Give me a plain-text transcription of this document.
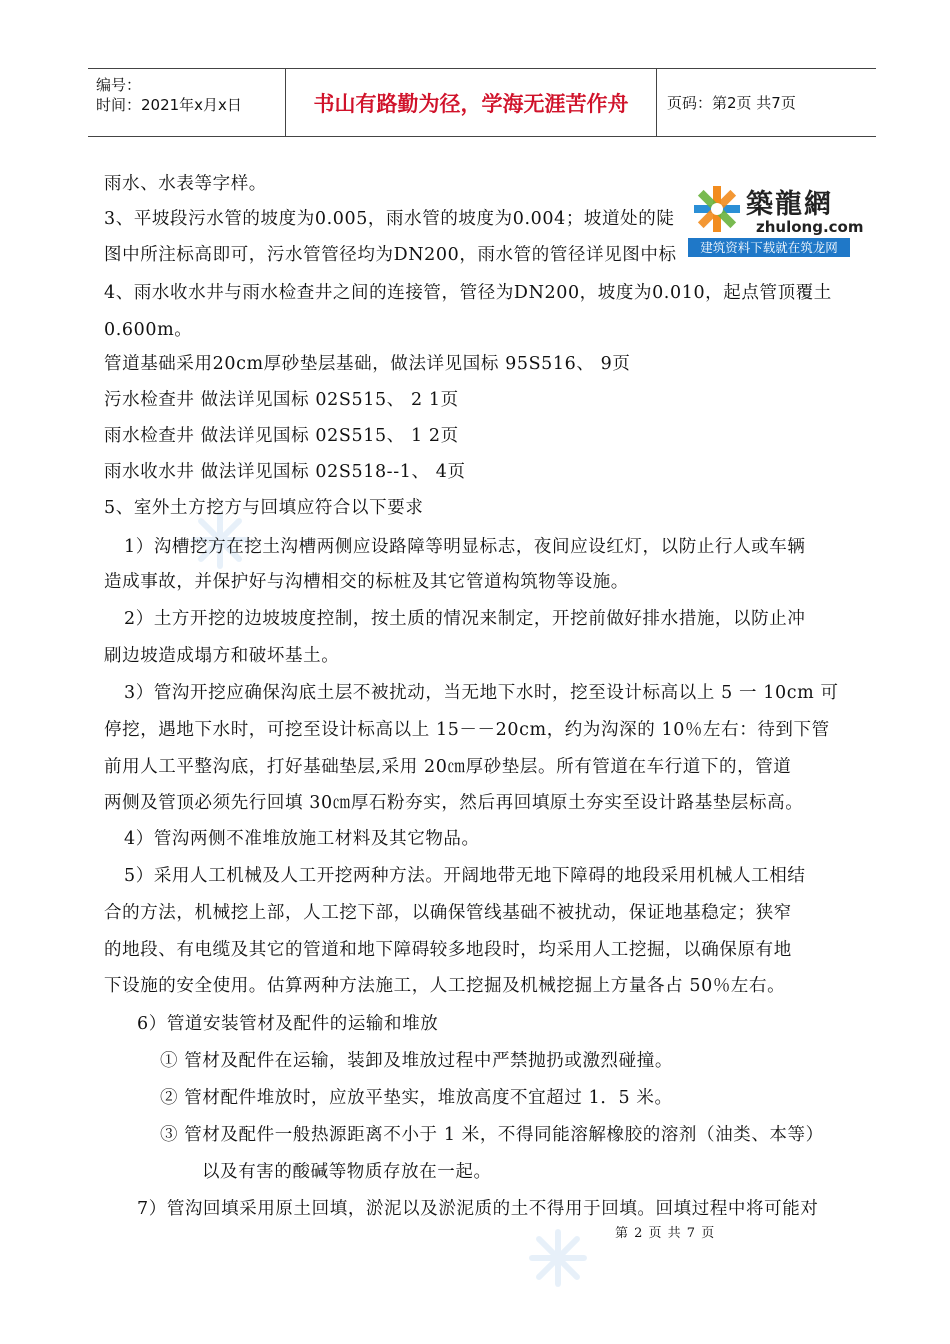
编号：
时间：2021年x月x日	书山有路勤为径，学海无涯苦作舟	页码：第2页 共7页
雨水、水表等字样。
3、平坡段污水管的坡度为0.005，雨水管的坡度为0.004；坡道处的陡
图中所注标高即可，污水管管径均为DN200，雨水管的管径详见图中标
4、雨水收水井与雨水检查井之间的连接管，管径为DN200，坡度为0.010，起点管顶覆土
0.600m。
管道基础采用20cm厚砂垫层基础，做法详见国标 95S516、 9页
污水检查井 做法详见国标 02S515、 2 1页
雨水检查井 做法详见国标 02S515、 1 2页
雨水收水井 做法详见国标 02S518--1、 4页
5、室外土方挖方与回填应符合以下要求
1）沟槽挖方在挖土沟槽两侧应设路障等明显标志，夜间应设红灯，以防止行人或车辆
造成事故，并保护好与沟槽相交的标桩及其它管道构筑物等设施。
2）土方开挖的边坡坡度控制，按土质的情况来制定，开挖前做好排水措施，以防止冲
刷边坡造成塌方和破坏基土。
3）管沟开挖应确保沟底土层不被扰动，当无地下水时，挖至设计标高以上 5 一 10cm 可
停挖，遇地下水时，可挖至设计标高以上 15－－20cm，约为沟深的 10％左右：待到下管
前用人工平整沟底，打好基础垫层,采用 20㎝厚砂垫层。所有管道在车行道下的，管道
两侧及管顶必须先行回填 30㎝厚石粉夯实，然后再回填原土夯实至设计路基垫层标高。
4）管沟两侧不准堆放施工材料及其它物品。
5）采用人工机械及人工开挖两种方法。开阔地带无地下障碍的地段采用机械人工相结
合的方法，机械挖上部，人工挖下部，以确保管线基础不被扰动，保证地基稳定；狭窄
的地段、有电缆及其它的管道和地下障碍较多地段时，均采用人工挖掘，以确保原有地
下设施的安全使用。估算两种方法施工，人工挖掘及机械挖掘上方量各占 50％左右。
6）管道安装管材及配件的运输和堆放
① 管材及配件在运输，装卸及堆放过程中严禁抛扔或激烈碰撞。
② 管材配件堆放时，应放平垫实，堆放高度不宜超过 1．5 米。
③ 管材及配件一般热源距离不小于 1 米，不得同能溶解橡胶的溶剂（油类、本等）
以及有害的酸碱等物质存放在一起。
7）管沟回填采用原土回填，淤泥以及淤泥质的土不得用于回填。回填过程中将可能对
築龍網
zhulong.com
建筑资料下载就在筑龙网
第 2 页 共 7 页
